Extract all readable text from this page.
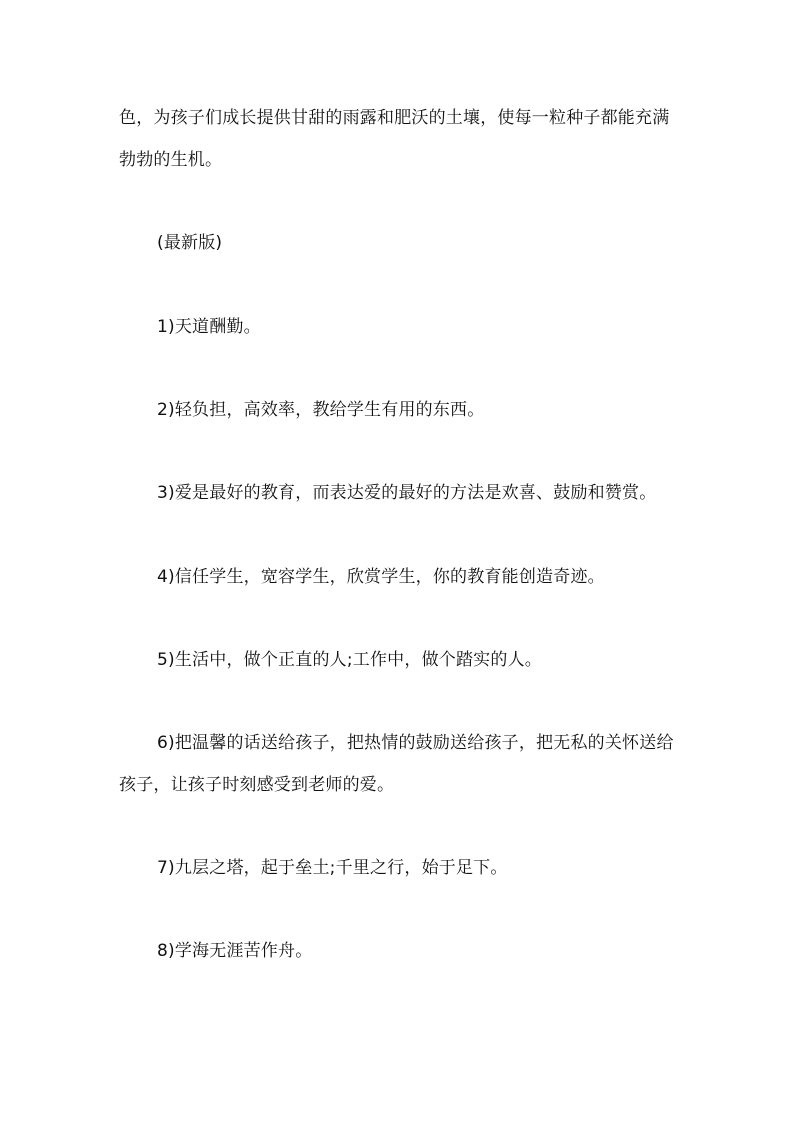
色，为孩子们成长提供甘甜的雨露和肥沃的土壤，使每一粒种子都能充满勃勃的生机。

(最新版)

1)天道酬勤。

2)轻负担，高效率，教给学生有用的东西。

3)爱是最好的教育，而表达爱的最好的方法是欢喜、鼓励和赞赏。

4)信任学生，宽容学生，欣赏学生，你的教育能创造奇迹。

5)生活中，做个正直的人;工作中，做个踏实的人。

6)把温馨的话送给孩子，把热情的鼓励送给孩子，把无私的关怀送给孩子，让孩子时刻感受到老师的爱。

7)九层之塔，起于垒土;千里之行，始于足下。

8)学海无涯苦作舟。
